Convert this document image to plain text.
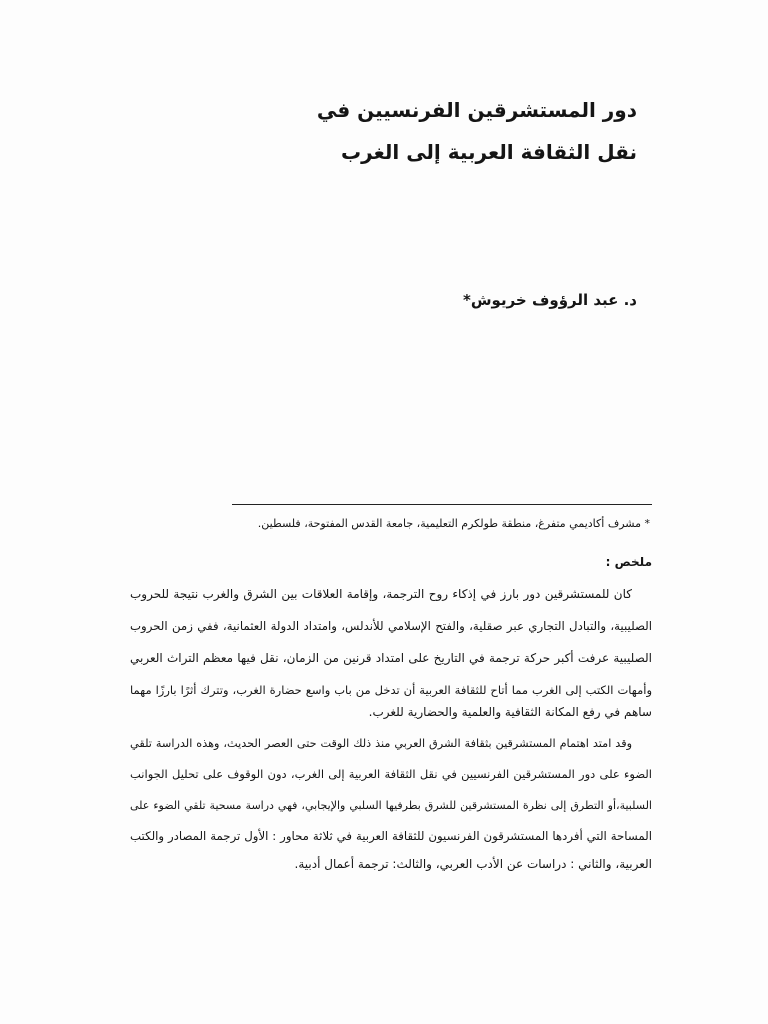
دور المستشرقين الفرنسيين في
نقل الثقافة العربية إلى الغرب
د. عبد الرؤوف خريوش*
* مشرف أكاديمي متفرغ، منطقة طولكرم التعليمية، جامعة القدس المفتوحة، فلسطين.
ملخص :
كان للمستشرقين دور بارز في إذكاء روح الترجمة، وإقامة العلاقات بين الشرق والغرب نتيجة للحروب
الصليبية، والتبادل التجاري عبر صقلية، والفتح الإسلامي للأندلس، وامتداد الدولة العثمانية، ففي زمن الحروب
الصليبية عرفت أكبر حركة ترجمة في التاريخ على امتداد قرنين من الزمان، نقل فيها معظم التراث العربي
وأمهات الكتب إلى الغرب مما أتاح للثقافة العربية أن تدخل من باب واسع حضارة الغرب، وتترك أثرًا بارزًا مهما
ساهم في رفع المكانة الثقافية والعلمية والحضارية للغرب.
وقد امتد اهتمام المستشرقين بثقافة الشرق العربي منذ ذلك الوقت حتى العصر الحديث، وهذه الدراسة تلقي
الضوء على دور المستشرقين الفرنسيين في نقل الثقافة العربية إلى الغرب، دون الوقوف على تحليل الجوانب
السلبية،أو التطرق إلى نظرة المستشرقين للشرق بطرفيها السلبي والإيجابي، فهي دراسة مسحية تلقي الضوء على
المساحة التي أفردها المستشرقون الفرنسيون للثقافة العربية في ثلاثة محاور : الأول ترجمة المصادر والكتب
العربية، والثاني : دراسات عن الأدب العربي، والثالث: ترجمة أعمال أدبية.
